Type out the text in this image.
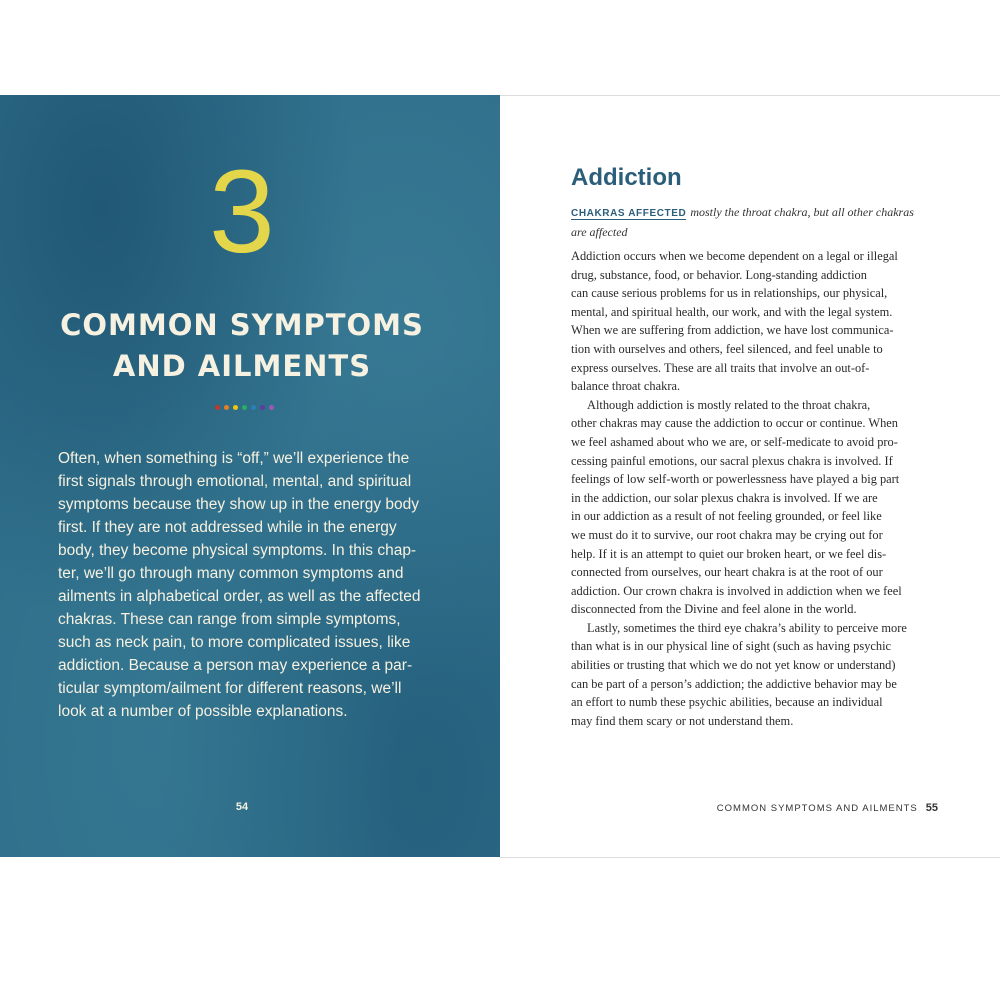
3
COMMON SYMPTOMS
AND AILMENTS
Often, when something is “off,” we’ll experience the
first signals through emotional, mental, and spiritual
symptoms because they show up in the energy body
first. If they are not addressed while in the energy
body, they become physical symptoms. In this chap-
ter, we’ll go through many common symptoms and
ailments in alphabetical order, as well as the affected
chakras. These can range from simple symptoms,
such as neck pain, to more complicated issues, like
addiction. Because a person may experience a par-
ticular symptom/ailment for different reasons, we’ll
look at a number of possible explanations.
54
Addiction
CHAKRAS AFFECTED mostly the throat chakra, but all other chakras
are affected
Addiction occurs when we become dependent on a legal or illegal
drug, substance, food, or behavior. Long-standing addiction
can cause serious problems for us in relationships, our physical,
mental, and spiritual health, our work, and with the legal system.
When we are suffering from addiction, we have lost communica-
tion with ourselves and others, feel silenced, and feel unable to
express ourselves. These are all traits that involve an out-of-
balance throat chakra.
Although addiction is mostly related to the throat chakra,
other chakras may cause the addiction to occur or continue. When
we feel ashamed about who we are, or self-medicate to avoid pro-
cessing painful emotions, our sacral plexus chakra is involved. If
feelings of low self-worth or powerlessness have played a big part
in the addiction, our solar plexus chakra is involved. If we are
in our addiction as a result of not feeling grounded, or feel like
we must do it to survive, our root chakra may be crying out for
help. If it is an attempt to quiet our broken heart, or we feel dis-
connected from ourselves, our heart chakra is at the root of our
addiction. Our crown chakra is involved in addiction when we feel
disconnected from the Divine and feel alone in the world.
Lastly, sometimes the third eye chakra’s ability to perceive more
than what is in our physical line of sight (such as having psychic
abilities or trusting that which we do not yet know or understand)
can be part of a person’s addiction; the addictive behavior may be
an effort to numb these psychic abilities, because an individual
may find them scary or not understand them.
COMMON SYMPTOMS AND AILMENTS 55
